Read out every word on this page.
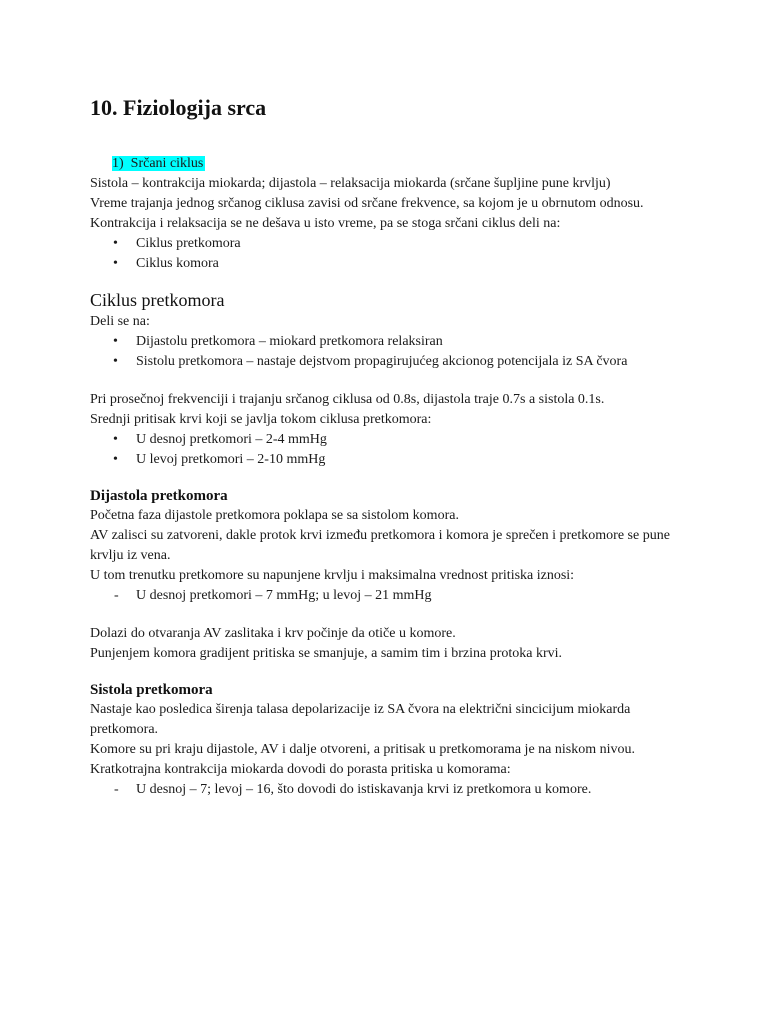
10. Fiziologija srca
1) Srčani ciklus

Sistola – kontrakcija miokarda; dijastola – relaksacija miokarda (srčane šupljine pune krvlju)

Vreme trajanja jednog srčanog ciklusa zavisi od srčane frekvence, sa kojom je u obrnutom odnosu.

Kontrakcija i relaksacija se ne dešava u isto vreme, pa se stoga srčani ciklus deli na:

• Ciklus pretkomora
• Ciklus komora
Ciklus pretkomora

Deli se na:

• Dijastolu pretkomora – miokard pretkomora relaksiran
• Sistolu pretkomora – nastaje dejstvom propagirujućeg akcionog potencijala iz SA čvora

Pri prosečnoj frekvenciji i trajanju srčanog ciklusa od 0.8s, dijastola traje 0.7s a sistola 0.1s.

Srednji pritisak krvi koji se javlja tokom ciklusa pretkomora:

• U desnoj pretkomori – 2-4 mmHg
• U levoj pretkomori – 2-10 mmHg
Dijastola pretkomora

Početna faza dijastole pretkomora poklapa se sa sistolom komora.

AV zalisci su zatvoreni, dakle protok krvi između pretkomora i komora je sprečen i pretkomore se pune krvlju iz vena.

U tom trenutku pretkomore su napunjene krvlju i maksimalna vrednost pritiska iznosi:

- U desnoj pretkomori – 7 mmHg; u levoj – 21 mmHg

Dolazi do otvaranja AV zaslitaka i krv počinje da otiče u komore.

Punjenjem komora gradijent pritiska se smanjuje, a samim tim i brzina protoka krvi.

Sistola pretkomora

Nastaje kao posledica širenja talasa depolarizacije iz SA čvora na električni sincicijum miokarda pretkomora.

Komore su pri kraju dijastole, AV i dalje otvoreni, a pritisak u pretkomorama je na niskom nivou.

Kratkotrajna kontrakcija miokarda dovodi do porasta pritiska u komorama:

- U desnoj – 7; levoj – 16, što dovodi do istiskavanja krvi iz pretkomora u komore.
